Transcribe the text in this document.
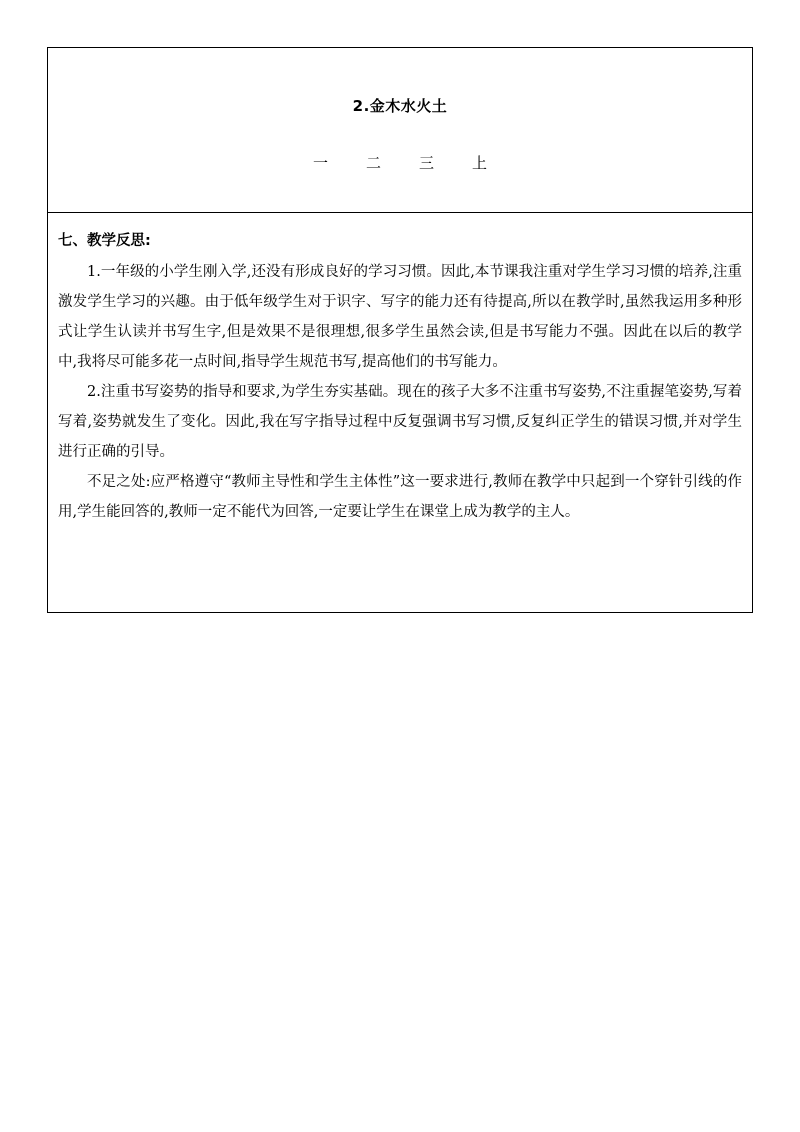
2.金木水火土
一	二	三	上
七、教学反思:

1.一年级的小学生刚入学,还没有形成良好的学习习惯。因此,本节课我注重对学生学习习惯的培养,注重激发学生学习的兴趣。由于低年级学生对于识字、写字的能力还有待提高,所以在教学时,虽然我运用多种形式让学生认读并书写生字,但是效果不是很理想,很多学生虽然会读,但是书写能力不强。因此在以后的教学中,我将尽可能多花一点时间,指导学生规范书写,提高他们的书写能力。

2.注重书写姿势的指导和要求,为学生夯实基础。现在的孩子大多不注重书写姿势,不注重握笔姿势,写着写着,姿势就发生了变化。因此,我在写字指导过程中反复强调书写习惯,反复纠正学生的错误习惯,并对学生进行正确的引导。

不足之处:应严格遵守“教师主导性和学生主体性”这一要求进行,教师在教学中只起到一个穿针引线的作用,学生能回答的,教师一定不能代为回答,一定要让学生在课堂上成为教学的主人。
